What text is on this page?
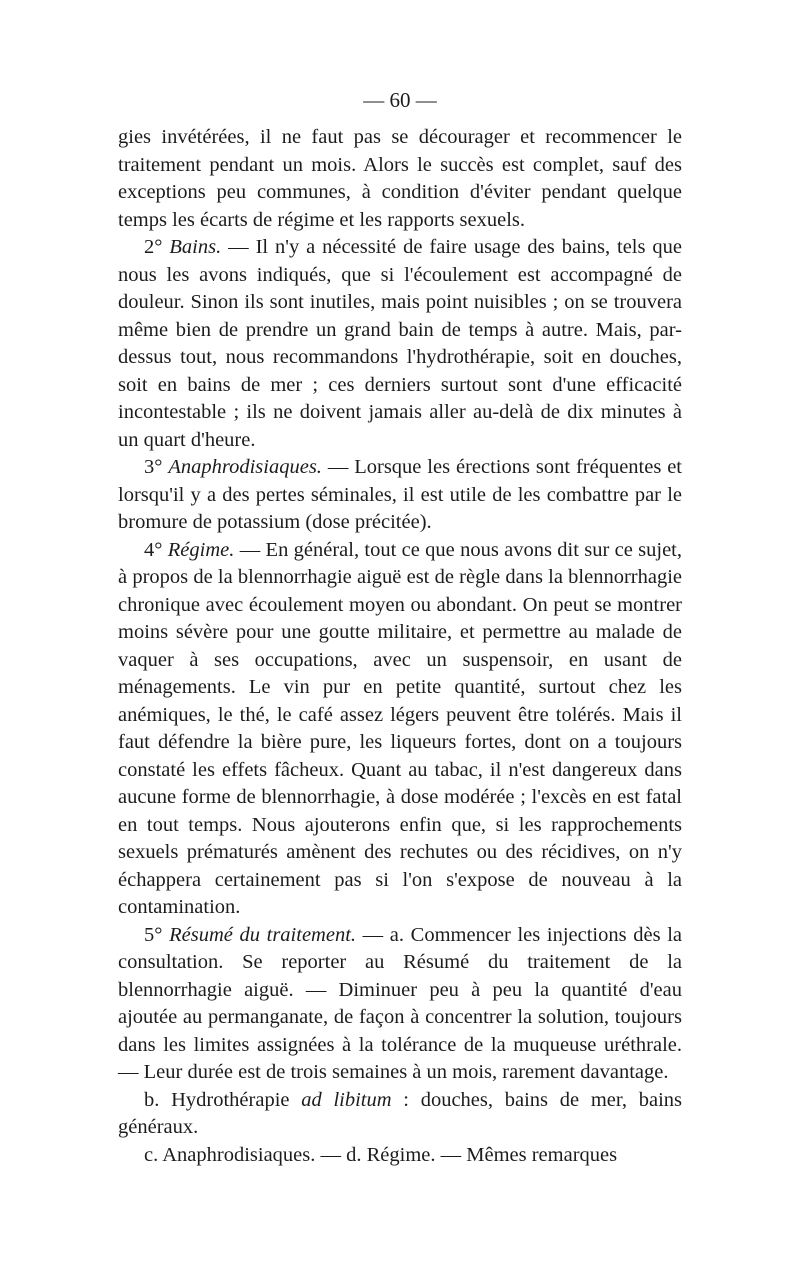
— 60 —

gies invétérées, il ne faut pas se décourager et recommencer le traitement pendant un mois. Alors le succès est complet, sauf des exceptions peu communes, à condition d'éviter pendant quelque temps les écarts de régime et les rapports sexuels.

2° Bains. — Il n'y a nécessité de faire usage des bains, tels que nous les avons indiqués, que si l'écoulement est accompagné de douleur. Sinon ils sont inutiles, mais point nuisibles ; on se trouvera même bien de prendre un grand bain de temps à autre. Mais, par-dessus tout, nous recommandons l'hydrothérapie, soit en douches, soit en bains de mer ; ces derniers surtout sont d'une efficacité incontestable ; ils ne doivent jamais aller au-delà de dix minutes à un quart d'heure.

3° Anaphrodisiaques. — Lorsque les érections sont fréquentes et lorsqu'il y a des pertes séminales, il est utile de les combattre par le bromure de potassium (dose précitée).

4° Régime. — En général, tout ce que nous avons dit sur ce sujet, à propos de la blennorrhagie aiguë est de règle dans la blennorrhagie chronique avec écoulement moyen ou abondant. On peut se montrer moins sévère pour une goutte militaire, et permettre au malade de vaquer à ses occupations, avec un suspensoir, en usant de ménagements. Le vin pur en petite quantité, surtout chez les anémiques, le thé, le café assez légers peuvent être tolérés. Mais il faut défendre la bière pure, les liqueurs fortes, dont on a toujours constaté les effets fâcheux. Quant au tabac, il n'est dangereux dans aucune forme de blennorrhagie, à dose modérée ; l'excès en est fatal en tout temps. Nous ajouterons enfin que, si les rapprochements sexuels prématurés amènent des rechutes ou des récidives, on n'y échappera certainement pas si l'on s'expose de nouveau à la contamination.

5° Résumé du traitement. — a. Commencer les injections dès la consultation. Se reporter au Résumé du traitement de la blennorrhagie aiguë. — Diminuer peu à peu la quantité d'eau ajoutée au permanganate, de façon à concentrer la solution, toujours dans les limites assignées à la tolérance de la muqueuse uréthrale. — Leur durée est de trois semaines à un mois, rarement davantage.

b. Hydrothérapie ad libitum : douches, bains de mer, bains généraux.

c. Anaphrodisiaques. — d. Régime. — Mêmes remarques
